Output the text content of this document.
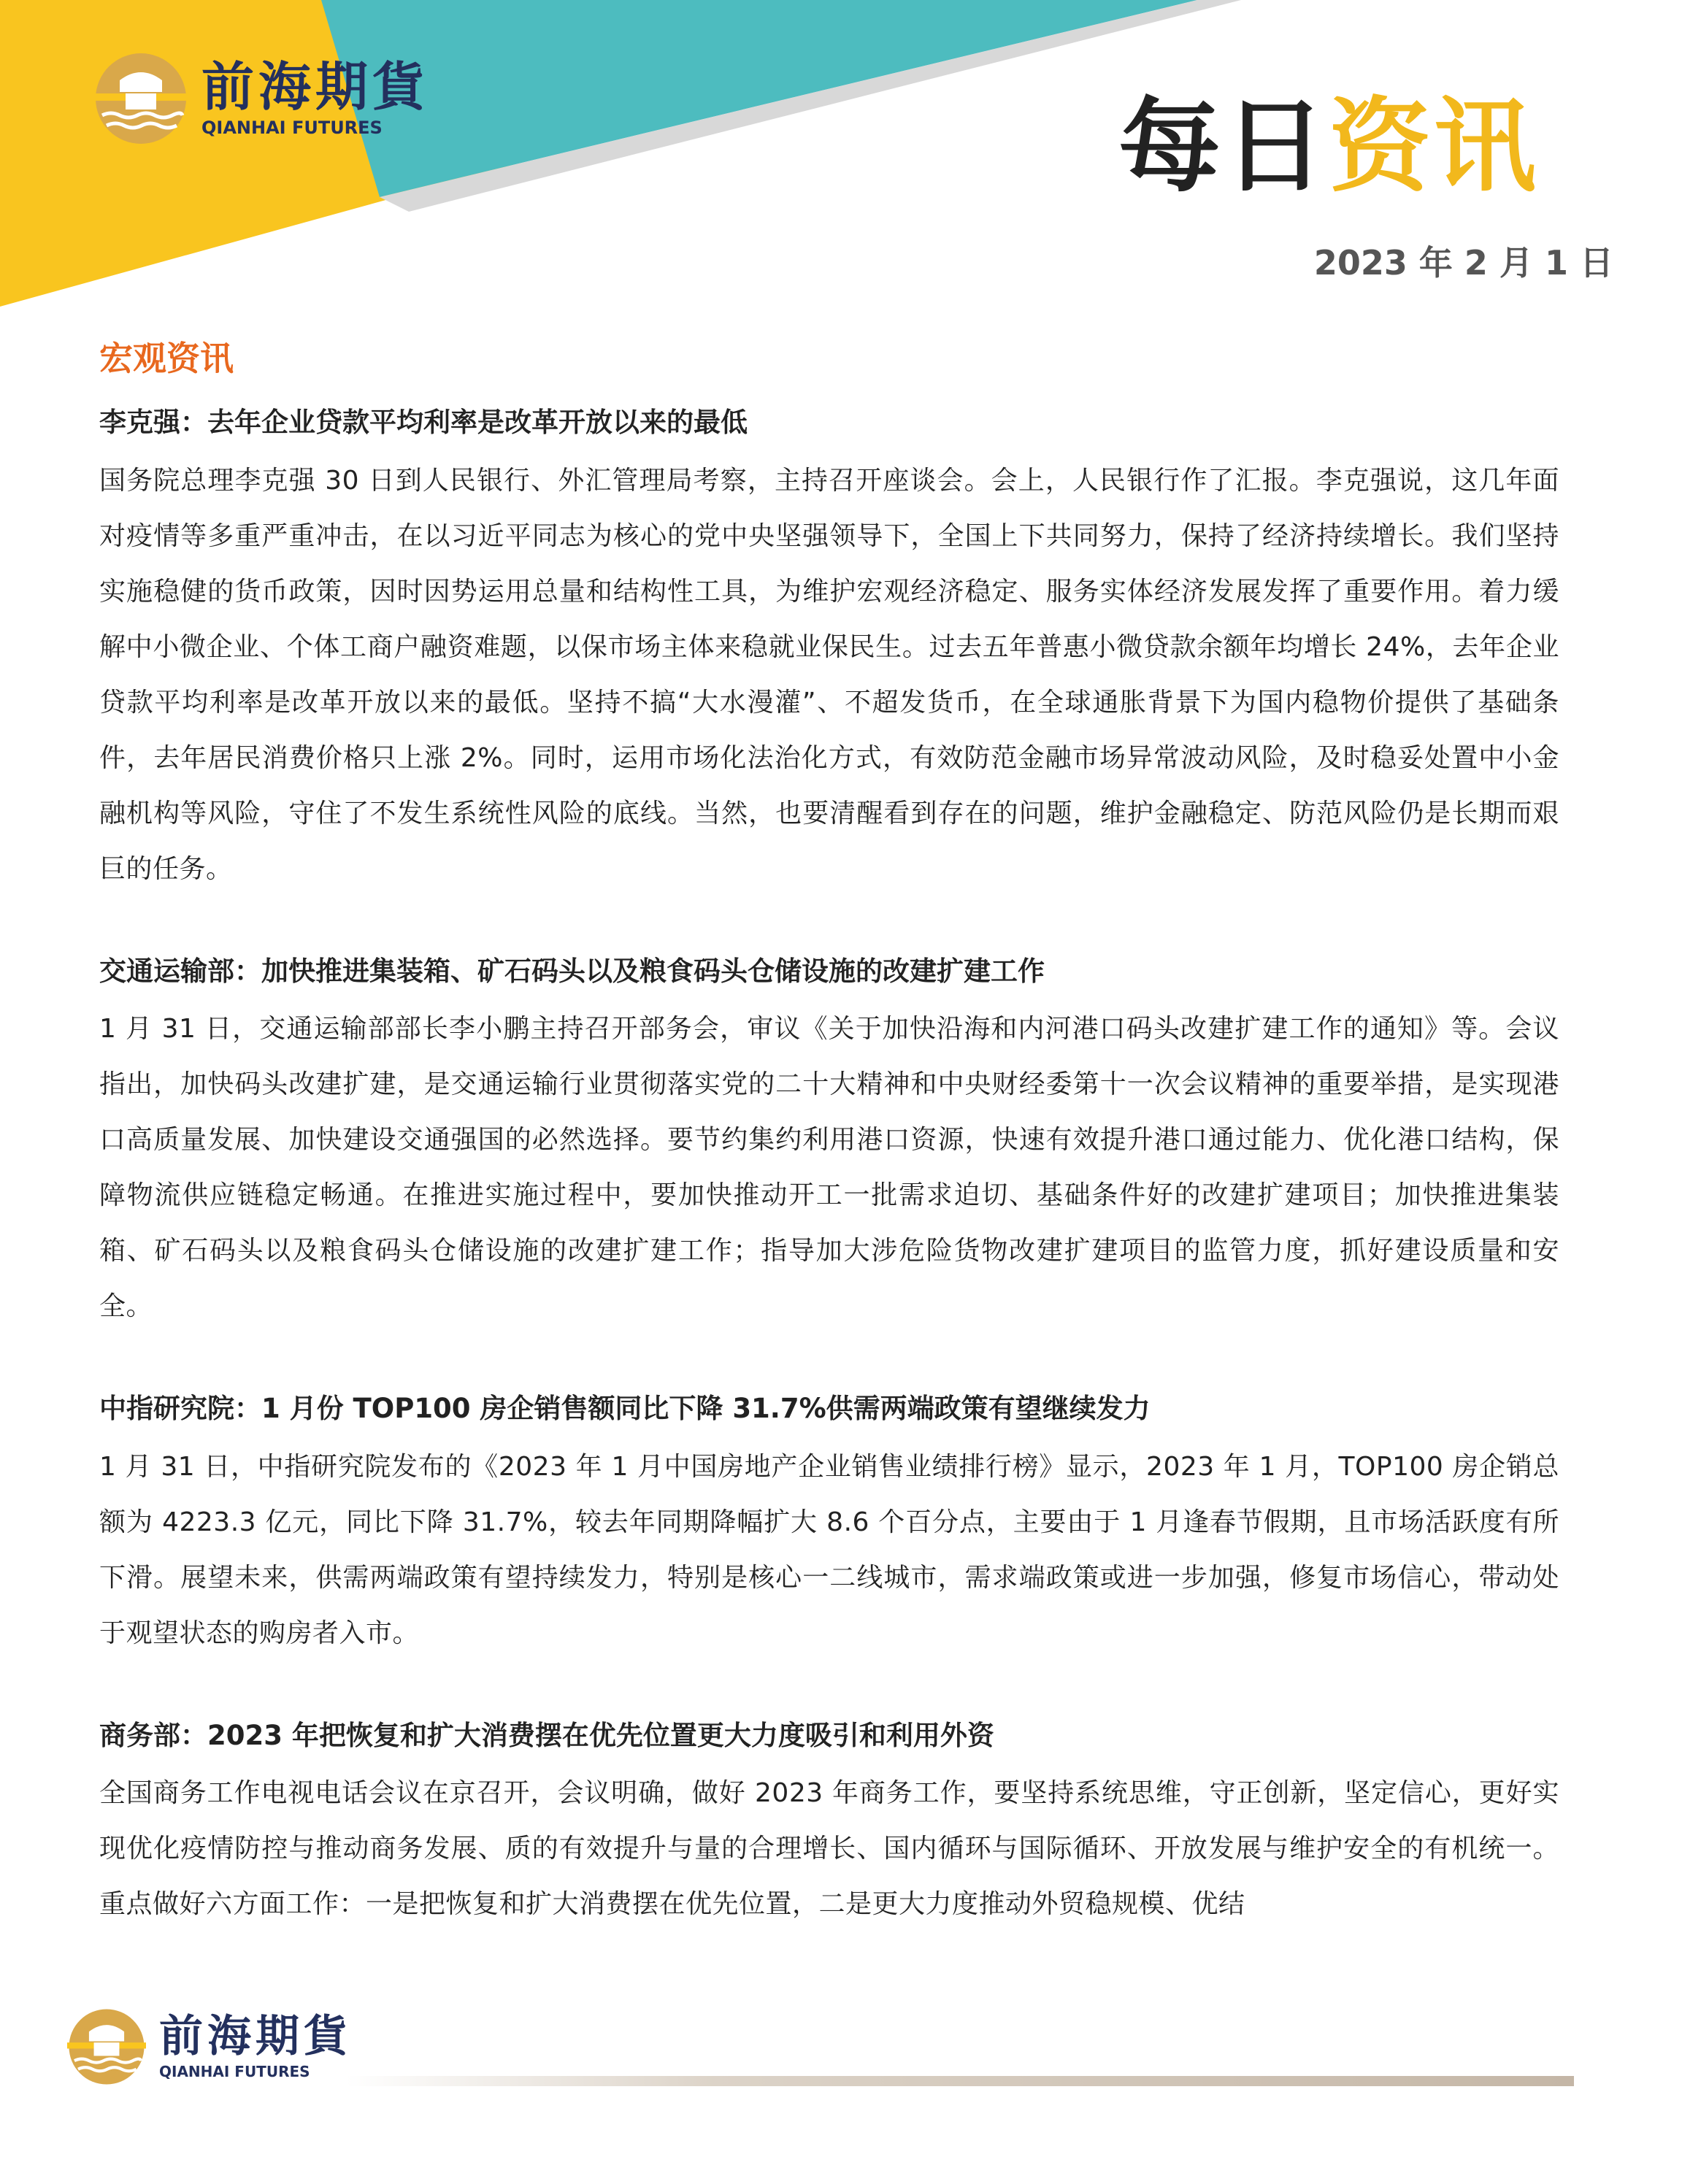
前海期貨
QIANHAI FUTURES	每日资讯
2023 年 2 月 1 日
宏观资讯
李克强：去年企业贷款平均利率是改革开放以来的最低

国务院总理李克强 30 日到人民银行、外汇管理局考察，主持召开座谈会。会上，人民银行作了汇报。李克强说，这几年面对疫情等多重严重冲击，在以习近平同志为核心的党中央坚强领导下，全国上下共同努力，保持了经济持续增长。我们坚持实施稳健的货币政策，因时因势运用总量和结构性工具，为维护宏观经济稳定、服务实体经济发展发挥了重要作用。着力缓解中小微企业、个体工商户融资难题，以保市场主体来稳就业保民生。过去五年普惠小微贷款余额年均增长 24%，去年企业贷款平均利率是改革开放以来的最低。坚持不搞“大水漫灌”、不超发货币，在全球通胀背景下为国内稳物价提供了基础条件，去年居民消费价格只上涨 2%。同时，运用市场化法治化方式，有效防范金融市场异常波动风险，及时稳妥处置中小金融机构等风险，守住了不发生系统性风险的底线。当然，也要清醒看到存在的问题，维护金融稳定、防范风险仍是长期而艰巨的任务。

交通运输部：加快推进集装箱、矿石码头以及粮食码头仓储设施的改建扩建工作

1 月 31 日，交通运输部部长李小鹏主持召开部务会，审议《关于加快沿海和内河港口码头改建扩建工作的通知》等。会议指出，加快码头改建扩建，是交通运输行业贯彻落实党的二十大精神和中央财经委第十一次会议精神的重要举措，是实现港口高质量发展、加快建设交通强国的必然选择。要节约集约利用港口资源，快速有效提升港口通过能力、优化港口结构，保障物流供应链稳定畅通。在推进实施过程中，要加快推动开工一批需求迫切、基础条件好的改建扩建项目；加快推进集装箱、矿石码头以及粮食码头仓储设施的改建扩建工作；指导加大涉危险货物改建扩建项目的监管力度，抓好建设质量和安全。

中指研究院：1 月份 TOP100 房企销售额同比下降 31.7%供需两端政策有望继续发力

1 月 31 日，中指研究院发布的《2023 年 1 月中国房地产企业销售业绩排行榜》显示，2023 年 1 月，TOP100 房企销总额为 4223.3 亿元，同比下降 31.7%，较去年同期降幅扩大 8.6 个百分点，主要由于 1 月逢春节假期，且市场活跃度有所下滑。展望未来，供需两端政策有望持续发力，特别是核心一二线城市，需求端政策或进一步加强，修复市场信心，带动处于观望状态的购房者入市。

商务部：2023 年把恢复和扩大消费摆在优先位置更大力度吸引和利用外资

全国商务工作电视电话会议在京召开，会议明确，做好 2023 年商务工作，要坚持系统思维，守正创新，坚定信心，更好实现优化疫情防控与推动商务发展、质的有效提升与量的合理增长、国内循环与国际循环、开放发展与维护安全的有机统一。重点做好六方面工作：一是把恢复和扩大消费摆在优先位置，二是更大力度推动外贸稳规模、优结

前海期貨
QIANHAI FUTURES
